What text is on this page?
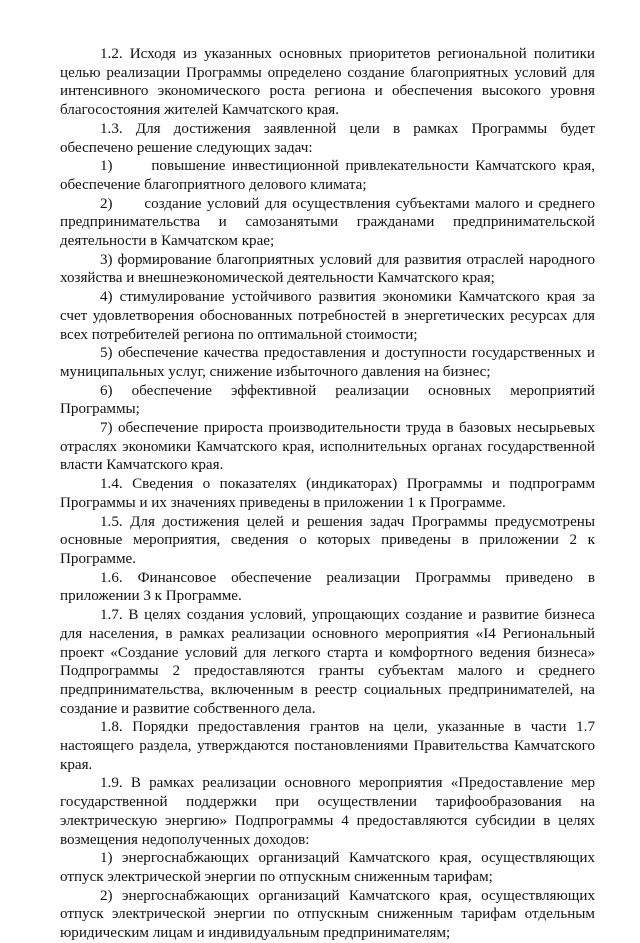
1.2. Исходя из указанных основных приоритетов региональной политики целью реализации Программы определено создание благоприятных условий для интенсивного экономического роста региона и обеспечения высокого уровня благосостояния жителей Камчатского края.

1.3. Для достижения заявленной цели в рамках Программы будет обеспечено решение следующих задач:

1)      повышение инвестиционной привлекательности Камчатского края, обеспечение благоприятного делового климата;

2)      создание условий для осуществления субъектами малого и среднего предпринимательства и самозанятыми гражданами предпринимательской деятельности в Камчатском крае;

3) формирование благоприятных условий для развития отраслей народного хозяйства и внешнеэкономической деятельности Камчатского края;

4) стимулирование устойчивого развития экономики Камчатского края за счет удовлетворения обоснованных потребностей в энергетических ресурсах для всех потребителей региона по оптимальной стоимости;

5) обеспечение качества предоставления и доступности государственных и муниципальных услуг, снижение избыточного давления на бизнес;

6) обеспечение эффективной реализации основных мероприятий Программы;

7) обеспечение прироста производительности труда в базовых несырьевых отраслях экономики Камчатского края, исполнительных органах государственной власти Камчатского края.

1.4. Сведения о показателях (индикаторах) Программы и подпрограмм Программы и их значениях приведены в приложении 1 к Программе.

1.5. Для достижения целей и решения задач Программы предусмотрены основные мероприятия, сведения о которых приведены в приложении 2 к Программе.

1.6. Финансовое обеспечение реализации Программы приведено в приложении 3 к Программе.

1.7. В целях создания условий, упрощающих создание и развитие бизнеса для населения, в рамках реализации основного мероприятия «I4 Региональный проект «Создание условий для легкого старта и комфортного ведения бизнеса» Подпрограммы 2 предоставляются гранты субъектам малого и среднего предпринимательства, включенным в реестр социальных предпринимателей, на создание и развитие собственного дела.

1.8. Порядки предоставления грантов на цели, указанные в части 1.7 настоящего раздела, утверждаются постановлениями Правительства Камчатского края.

1.9. В рамках реализации основного мероприятия «Предоставление мер государственной поддержки при осуществлении тарифообразования на электрическую энергию» Подпрограммы 4 предоставляются субсидии в целях возмещения недополученных доходов:

1) энергоснабжающих организаций Камчатского края, осуществляющих отпуск электрической энергии по отпускным сниженным тарифам;

2) энергоснабжающих организаций Камчатского края, осуществляющих отпуск электрической энергии по отпускным сниженным тарифам отдельным юридическим лицам и индивидуальным предпринимателям;
